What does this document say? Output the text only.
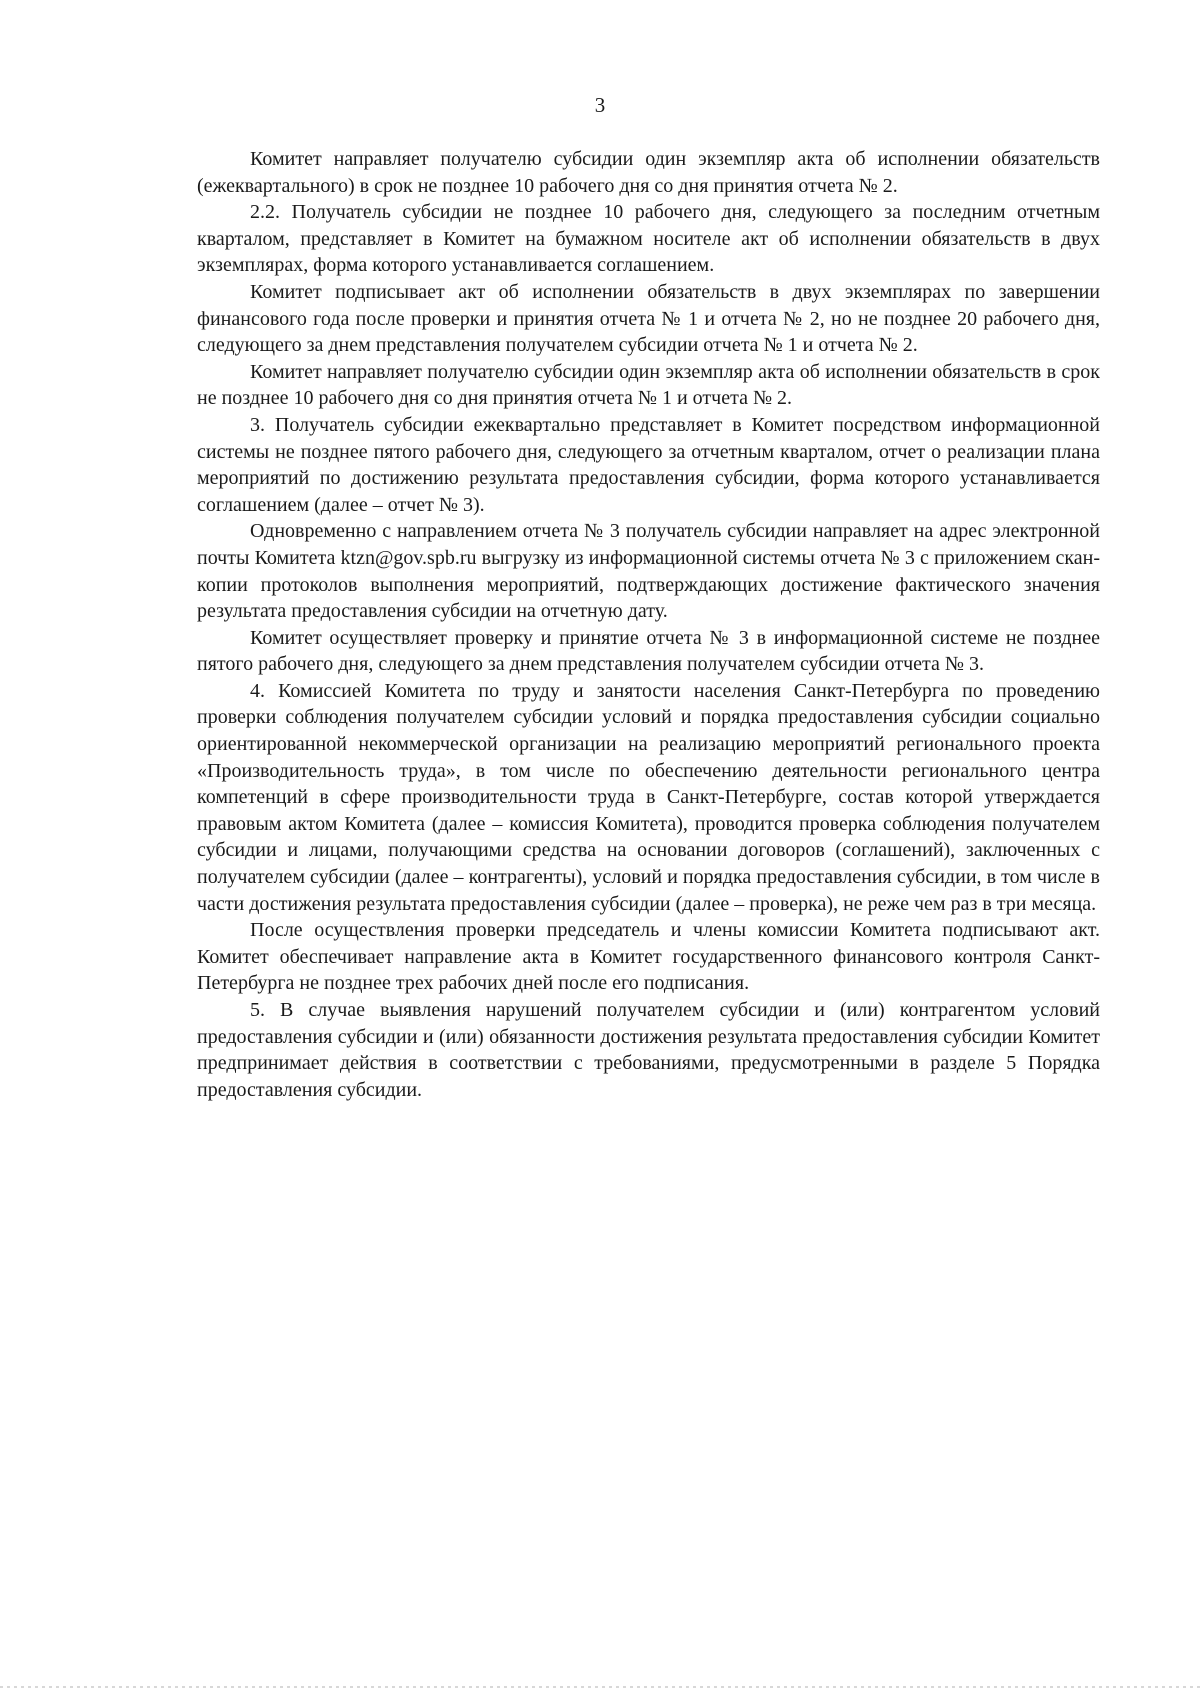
3

Комитет направляет получателю субсидии один экземпляр акта об исполнении обязательств (ежеквартального) в срок не позднее 10 рабочего дня со дня принятия отчета № 2.

2.2. Получатель субсидии не позднее 10 рабочего дня, следующего за последним отчетным кварталом, представляет в Комитет на бумажном носителе акт об исполнении обязательств в двух экземплярах, форма которого устанавливается соглашением.

Комитет подписывает акт об исполнении обязательств в двух экземплярах по завершении финансового года после проверки и принятия отчета № 1 и отчета № 2, но не позднее 20 рабочего дня, следующего за днем представления получателем субсидии отчета № 1 и отчета № 2.

Комитет направляет получателю субсидии один экземпляр акта об исполнении обязательств в срок не позднее 10 рабочего дня со дня принятия отчета № 1 и отчета № 2.

3. Получатель субсидии ежеквартально представляет в Комитет посредством информационной системы не позднее пятого рабочего дня, следующего за отчетным кварталом, отчет о реализации плана мероприятий по достижению результата предоставления субсидии, форма которого устанавливается соглашением (далее – отчет № 3).

Одновременно с направлением отчета № 3 получатель субсидии направляет на адрес электронной почты Комитета ktzn@gov.spb.ru выгрузку из информационной системы отчета № 3 с приложением скан-копии протоколов выполнения мероприятий, подтверждающих достижение фактического значения результата предоставления субсидии на отчетную дату.

Комитет осуществляет проверку и принятие отчета № 3 в информационной системе не позднее пятого рабочего дня, следующего за днем представления получателем субсидии отчета № 3.

4. Комиссией Комитета по труду и занятости населения Санкт-Петербурга по проведению проверки соблюдения получателем субсидии условий и порядка предоставления субсидии социально ориентированной некоммерческой организации на реализацию мероприятий регионального проекта «Производительность труда», в том числе по обеспечению деятельности регионального центра компетенций в сфере производительности труда в Санкт-Петербурге, состав которой утверждается правовым актом Комитета (далее – комиссия Комитета), проводится проверка соблюдения получателем субсидии и лицами, получающими средства на основании договоров (соглашений), заключенных с получателем субсидии (далее – контрагенты), условий и порядка предоставления субсидии, в том числе в части достижения результата предоставления субсидии (далее – проверка), не реже чем раз в три месяца.

После осуществления проверки председатель и члены комиссии Комитета подписывают акт. Комитет обеспечивает направление акта в Комитет государственного финансового контроля Санкт-Петербурга не позднее трех рабочих дней после его подписания.

5. В случае выявления нарушений получателем субсидии и (или) контрагентом условий предоставления субсидии и (или) обязанности достижения результата предоставления субсидии Комитет предпринимает действия в соответствии с требованиями, предусмотренными в разделе 5 Порядка предоставления субсидии.
